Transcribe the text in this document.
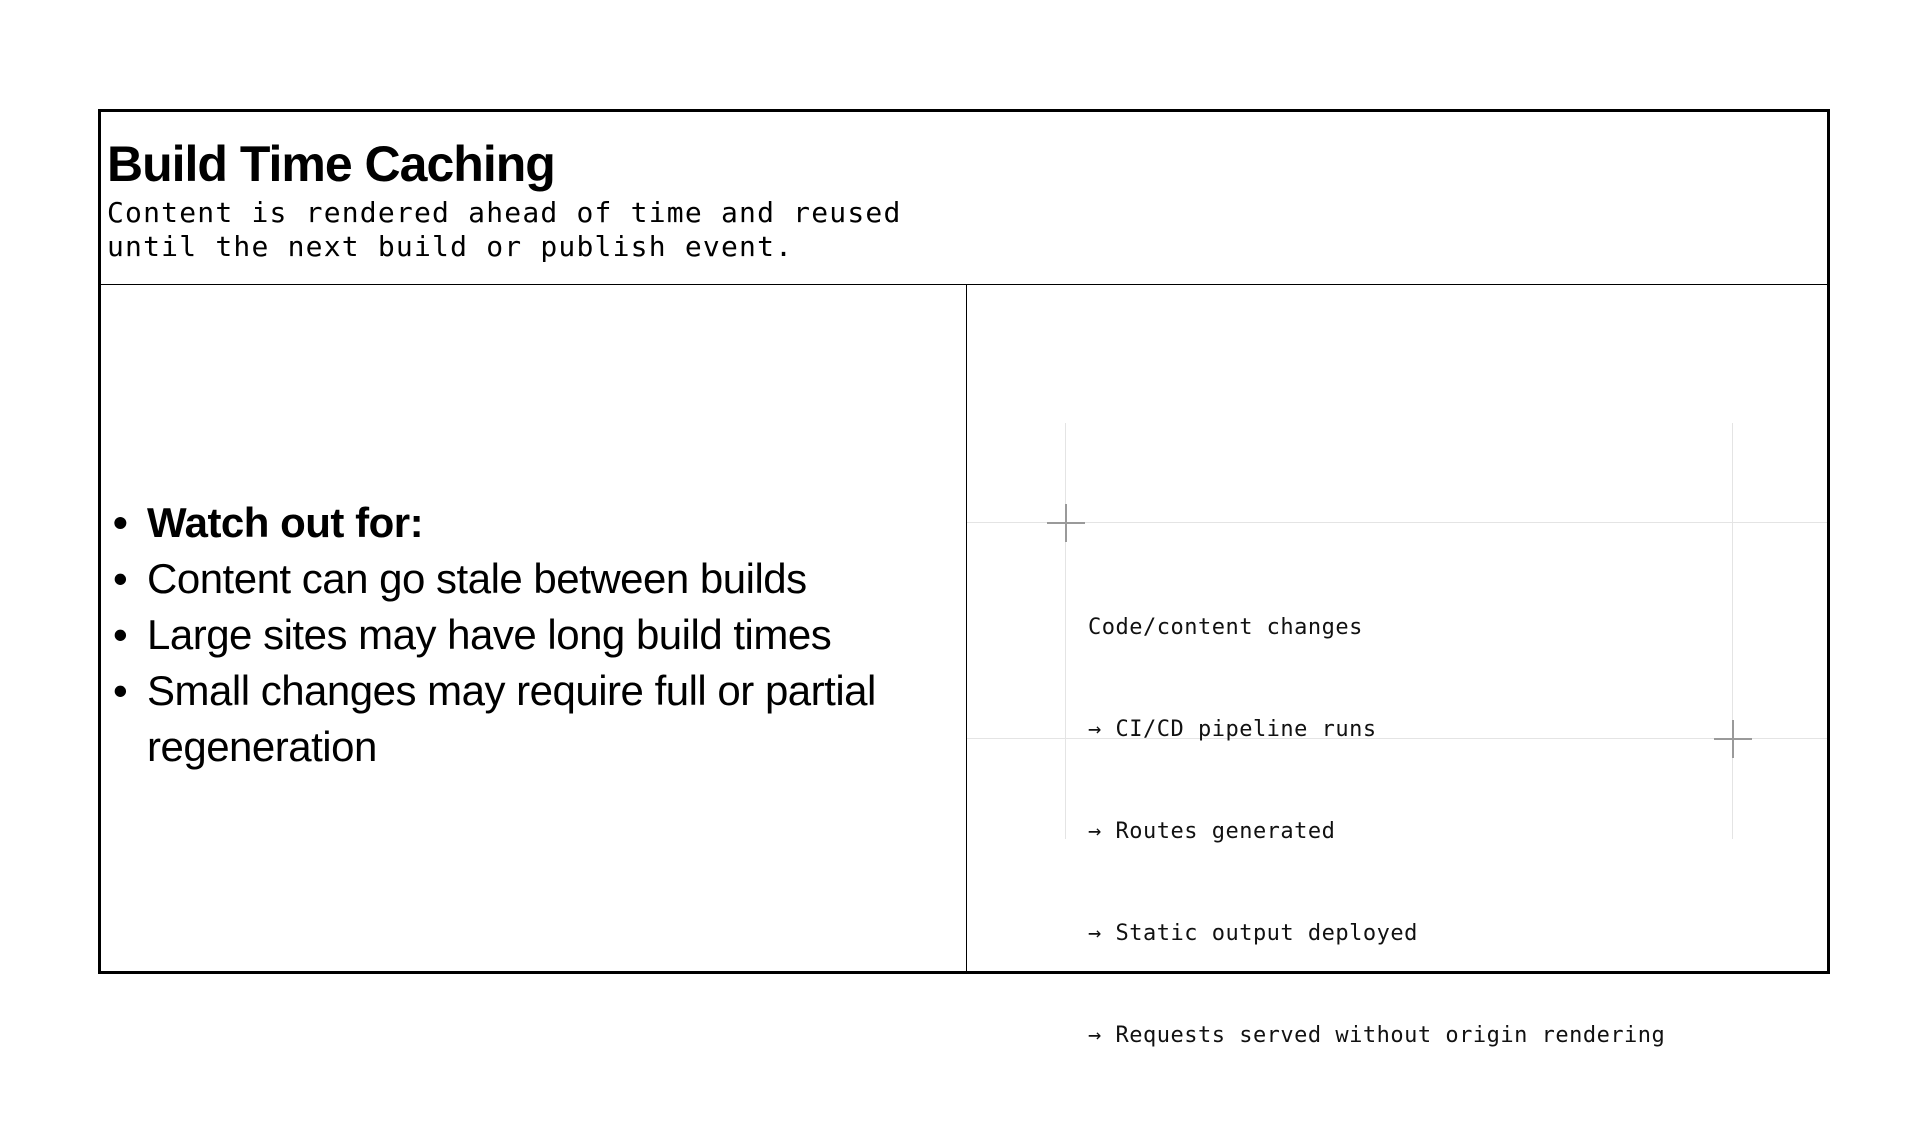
Build Time Caching

Content is rendered ahead of time and reused
until the next build or publish event.

• Watch out for:
• Content can go stale between builds
• Large sites may have long build times
• Small changes may require full or partial regeneration

Code/content changes

→ CI/CD pipeline runs

→ Routes generated

→ Static output deployed

→ Requests served without origin rendering
